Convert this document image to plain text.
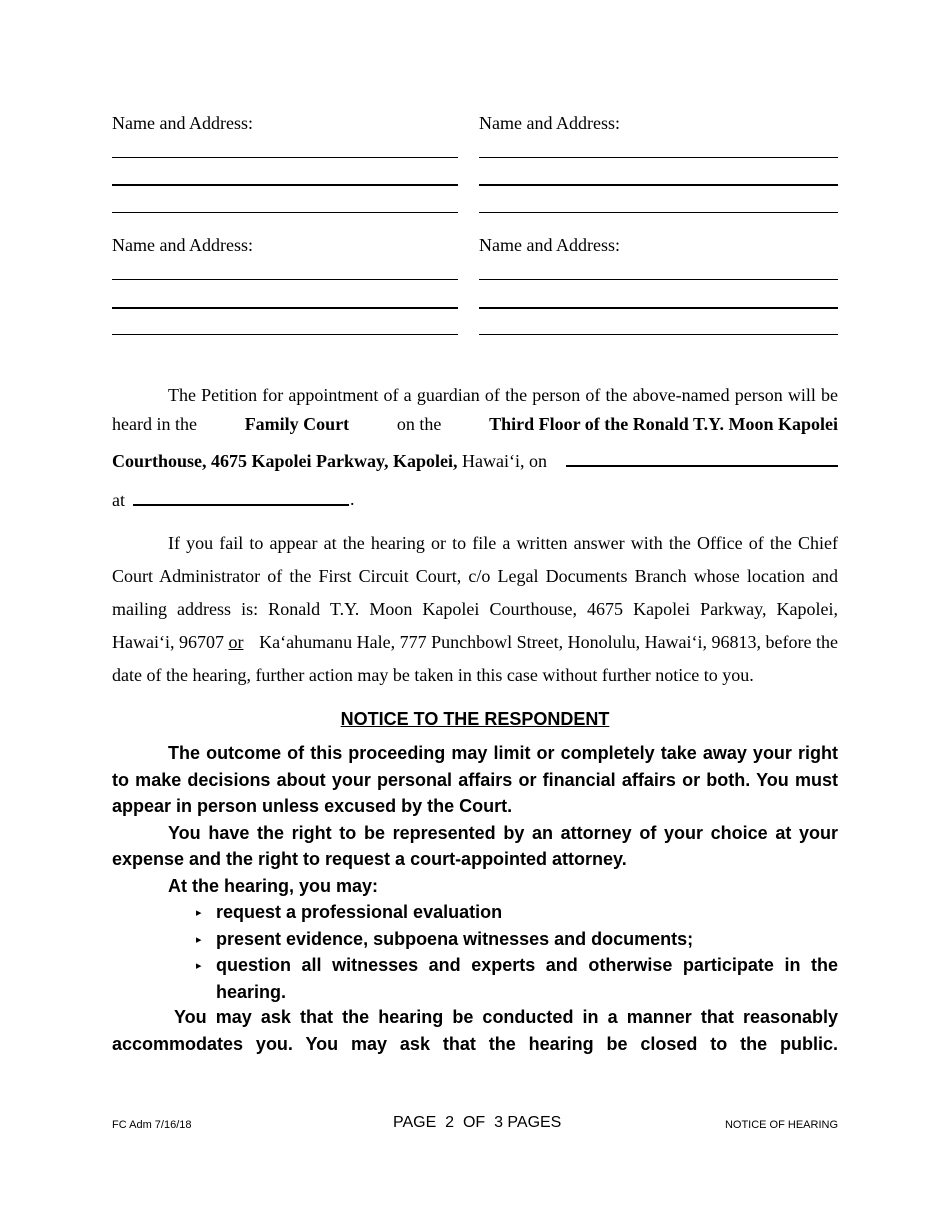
Name and Address:	Name and Address:
Name and Address:	Name and Address:
The Petition for appointment of a guardian of the person of the above-named person will be
heard in the	Family Court	on the	Third Floor of the Ronald T.Y. Moon Kapolei
Courthouse, 4675 Kapolei Parkway, Kapolei, Hawai‘i, on
at	.
If you fail to appear at the hearing or to file a written answer with the Office of the Chief
Court Administrator of the First Circuit Court, c/o Legal Documents Branch whose location and
mailing address is: Ronald T.Y. Moon Kapolei Courthouse, 4675 Kapolei Parkway, Kapolei,
Hawai‘i, 96707 or Ka‘ahumanu Hale, 777 Punchbowl Street, Honolulu, Hawai‘i, 96813, before the
date of the hearing, further action may be taken in this case without further notice to you.
NOTICE TO THE RESPONDENT
The outcome of this proceeding may limit or completely take away your right
to make decisions about your personal affairs or financial affairs or both. You must
appear in person unless excused by the Court.
You have the right to be represented by an attorney of your choice at your
expense and the right to request a court-appointed attorney.
At the hearing, you may:
▸ request a professional evaluation
▸ present evidence, subpoena witnesses and documents;
▸ question all witnesses and experts and otherwise participate in the
hearing.
You may ask that the hearing be conducted in a manner that reasonably
accommodates you. You may ask that the hearing be closed to the public.
FC Adm 7/16/18	PAGE  2  OF  3 PAGES	NOTICE OF HEARING
